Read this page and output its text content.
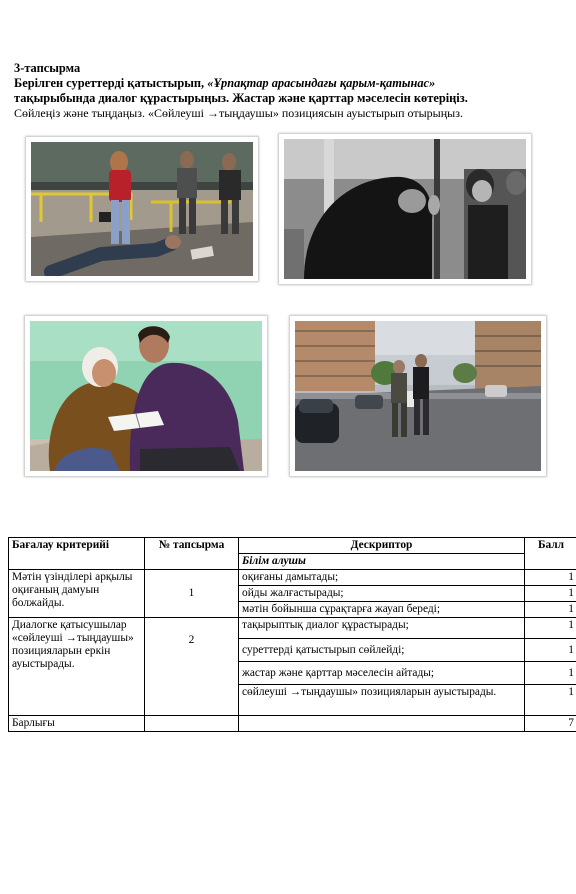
3-тапсырма
Берілген суреттерді қатыстырып, «Ұрпақтар арасындағы қарым-қатынас»
тақырыбында диалог құрастырыңыз. Жастар және қарттар мәселесін көтеріңіз.
Сөйлеңіз және тыңдаңыз. «Сөйлеуші →тыңдаушы» позициясын ауыстырып отырыңыз.
Бағалау критерийі	№ тапсырма	Дескриптор	Балл
		Білім алушы	
Мәтін үзінділері арқылы оқиғаның дамуын болжайды.	1	оқиғаны дамытады;	1
		ойды жалғастырады;	1
		мәтін бойынша сұрақтарға жауап береді;	1
Диалогке қатысушылар «сөйлеуші →тыңдаушы» позицияларын еркін ауыстырады.	2	тақырыптық диалог құрастырады;	1
		суреттерді қатыстырып сөйлейді;	1
		жастар және қарттар мәселесін айтады;	1
		сөйлеуші →тыңдаушы» позицияларын ауыстырады.	1
Барлығы			7
